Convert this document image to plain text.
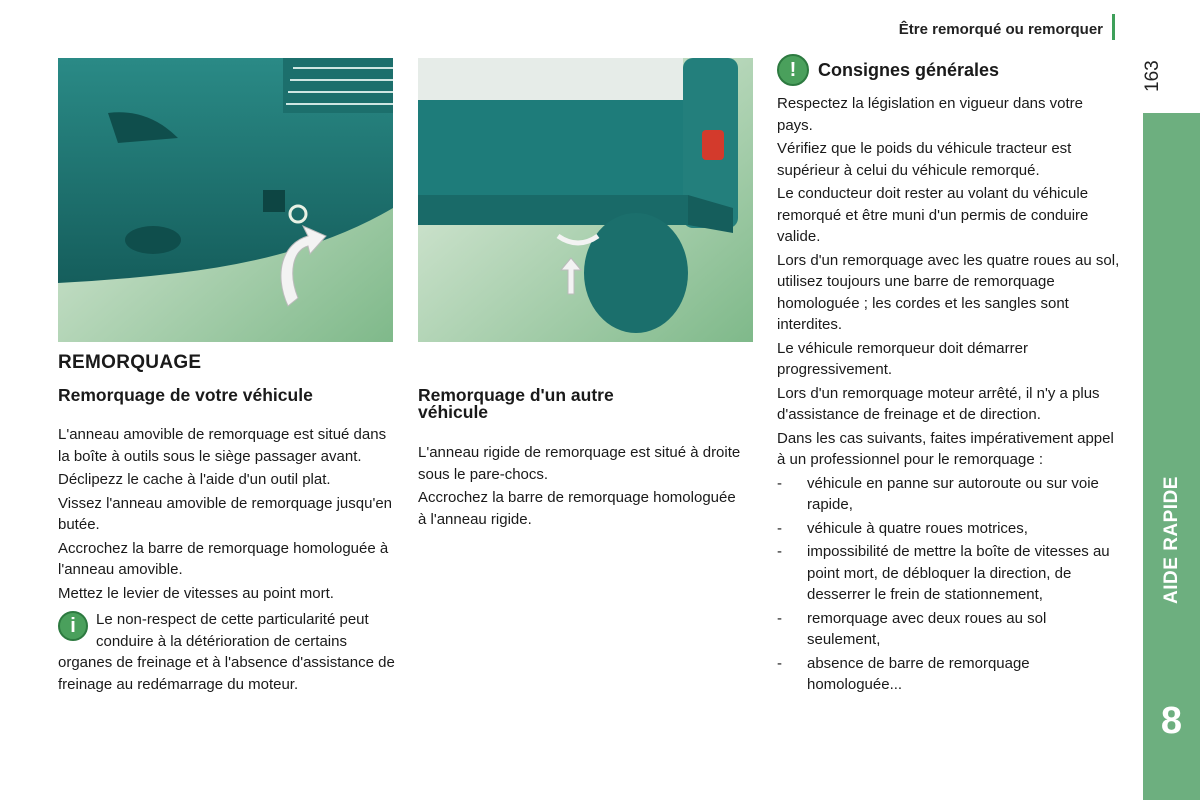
Être remorqué ou remorquer
163
AIDE RAPIDE
8
REMORQUAGE
Remorquage de votre véhicule

L'anneau amovible de remorquage est situé dans la boîte à outils sous le siège passager avant.

Déclipezz le cache à l'aide d'un outil plat.

Vissez l'anneau amovible de remorquage jusqu'en butée.

Accrochez la barre de remorquage homologuée à l'anneau amovible.

Mettez le levier de vitesses au point mort.

i	Le non-respect de cette particularité peut conduire à la détérioration de certains organes de freinage et à l'absence d'assistance de freinage au redémarrage du moteur.

Remorquage d'un autre véhicule

L'anneau rigide de remorquage est situé à droite sous le pare-chocs.

Accrochez la barre de remorquage homologuée à l'anneau rigide.

!	Consignes générales

Respectez la législation en vigueur dans votre pays.

Vérifiez que le poids du véhicule tracteur est supérieur à celui du véhicule remorqué.

Le conducteur doit rester au volant du véhicule remorqué et être muni d'un permis de conduire valide.

Lors d'un remorquage avec les quatre roues au sol, utilisez toujours une barre de remorquage homologuée ; les cordes et les sangles sont interdites.

Le véhicule remorqueur doit démarrer progressivement.

Lors d'un remorquage moteur arrêté, il n'y a plus d'assistance de freinage et de direction.

Dans les cas suivants, faites impérativement appel à un professionnel pour le remorquage :

- véhicule en panne sur autoroute ou sur voie rapide,
- véhicule à quatre roues motrices,
- impossibilité de mettre la boîte de vitesses au point mort, de débloquer la direction, de desserrer le frein de stationnement,
- remorquage avec deux roues au sol seulement,
- absence de barre de remorquage homologuée...
